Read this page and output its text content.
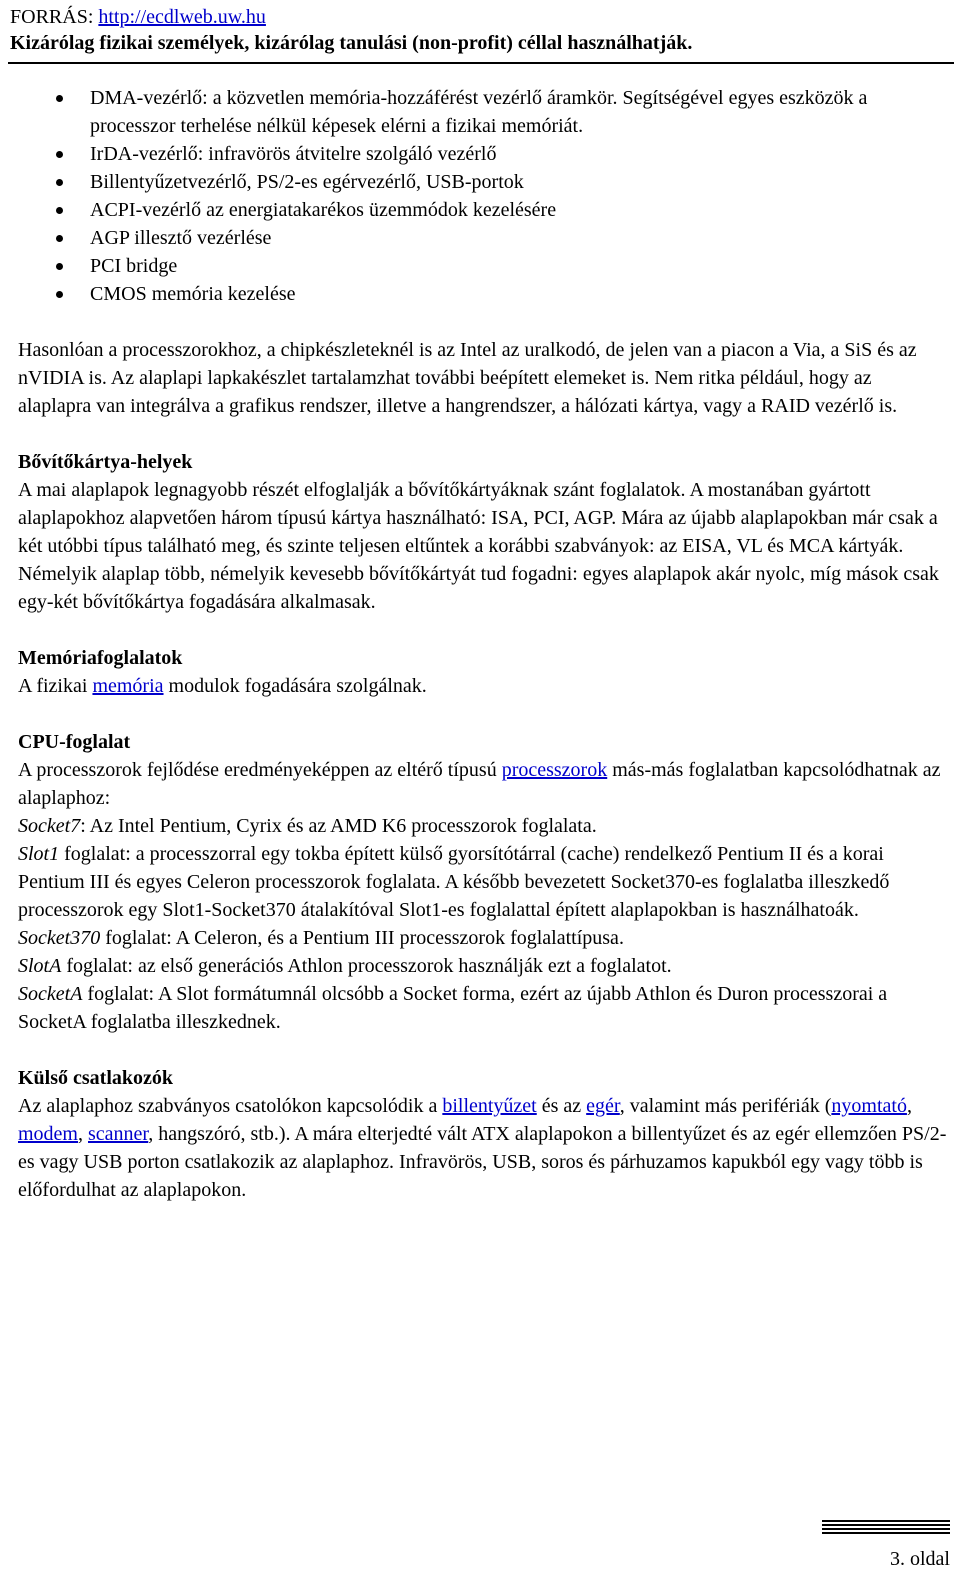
FORRÁS: http://ecdlweb.uw.hu
Kizárólag fizikai személyek, kizárólag tanulási (non-profit) céllal használhatják.
DMA-vezérlő: a közvetlen memória-hozzáférést vezérlő áramkör. Segítségével egyes eszközök a processzor terhelése nélkül képesek elérni a fizikai memóriát.
IrDA-vezérlő: infravörös átvitelre szolgáló vezérlő
Billentyűzetvezérlő, PS/2-es egérvezérlő, USB-portok
ACPI-vezérlő az energiatakarékos üzemmódok kezelésére
AGP illesztő vezérlése
PCI bridge
CMOS memória kezelése

Hasonlóan a processzorokhoz, a chipkészleteknél is az Intel az uralkodó, de jelen van a piacon a Via, a SiS és az nVIDIA is. Az alaplapi lapkakészlet tartalamzhat további beépített elemeket is. Nem ritka például, hogy az alaplapra van integrálva a grafikus rendszer, illetve a hangrendszer, a hálózati kártya, vagy a RAID vezérlő is.

Bővítőkártya-helyek

A mai alaplapok legnagyobb részét elfoglalják a bővítőkártyáknak szánt foglalatok. A mostanában gyártott alaplapokhoz alapvetően három típusú kártya használható: ISA, PCI, AGP. Mára az újabb alaplapokban már csak a két utóbbi típus található meg, és szinte teljesen eltűntek a korábbi szabványok: az EISA, VL és MCA kártyák. Némelyik alaplap több, némelyik kevesebb bővítőkártyát tud fogadni: egyes alaplapok akár nyolc, míg mások csak egy-két bővítőkártya fogadására alkalmasak.

Memóriafoglalatok

A fizikai memória modulok fogadására szolgálnak.

CPU-foglalat

A processzorok fejlődése eredményeképpen az eltérő típusú processzorok más-más foglalatban kapcsolódhatnak az alaplaphoz:

Socket7: Az Intel Pentium, Cyrix és az AMD K6 processzorok foglalata.

Slot1 foglalat: a processzorral egy tokba épített külső gyorsítótárral (cache) rendelkező Pentium II és a korai Pentium III és egyes Celeron processzorok foglalata. A később bevezetett Socket370-es foglalatba illeszkedő processzorok egy Slot1-Socket370 átalakítóval Slot1-es foglalattal épített alaplapokban is használhatoák.

Socket370 foglalat: A Celeron, és a Pentium III processzorok foglalattípusa.

SlotA foglalat: az első generációs Athlon processzorok használják ezt a foglalatot.

SocketA foglalat: A Slot formátumnál olcsóbb a Socket forma, ezért az újabb Athlon és Duron processzorai a SocketA foglalatba illeszkednek.

Külső csatlakozók

Az alaplaphoz szabványos csatolókon kapcsolódik a billentyűzet és az egér, valamint más perifériák (nyomtató, modem, scanner, hangszóró, stb.). A mára elterjedté vált ATX alaplapokon a billentyűzet és az egér ellemzően PS/2-es vagy USB porton csatlakozik az alaplaphoz. Infravörös, USB, soros és párhuzamos kapukból egy vagy több is előfordulhat az alaplapokon.

3. oldal
